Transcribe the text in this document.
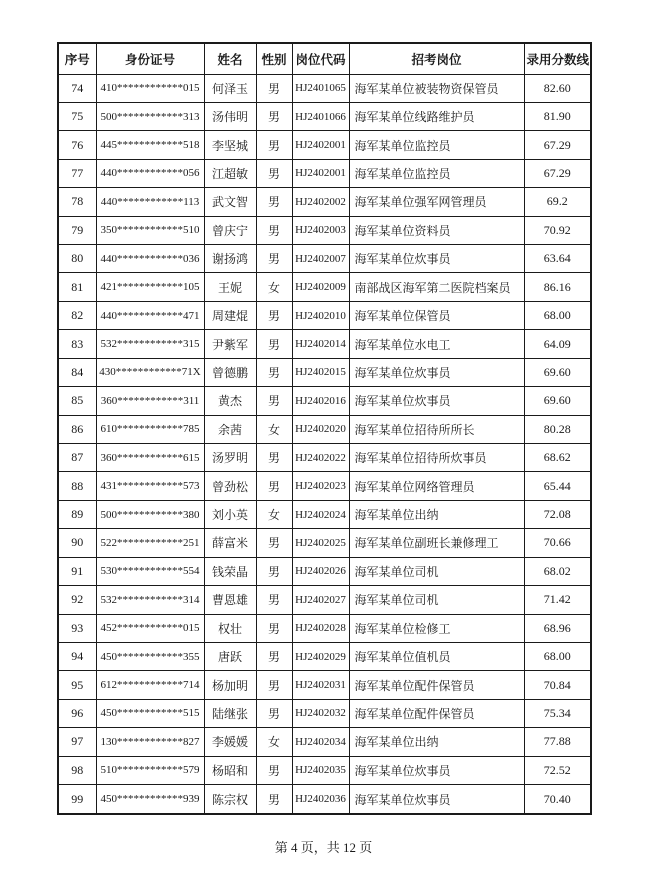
序号	身份证号	姓名	性别	岗位代码	招考岗位	录用分数线
74	410************015	何泽玉	男	HJ2401065	海军某单位被装物资保管员	82.60
75	500************313	汤伟明	男	HJ2401066	海军某单位线路维护员	81.90
76	445************518	李坚城	男	HJ2402001	海军某单位监控员	67.29
77	440************056	江超敏	男	HJ2402001	海军某单位监控员	67.29
78	440************113	武文智	男	HJ2402002	海军某单位强军网管理员	69.2
79	350************510	曾庆宁	男	HJ2402003	海军某单位资料员	70.92
80	440************036	谢扬鸿	男	HJ2402007	海军某单位炊事员	63.64
81	421************105	王妮	女	HJ2402009	南部战区海军第二医院档案员	86.16
82	440************471	周建焜	男	HJ2402010	海军某单位保管员	68.00
83	532************315	尹紫军	男	HJ2402014	海军某单位水电工	64.09
84	430************71X	曾德鹏	男	HJ2402015	海军某单位炊事员	69.60
85	360************311	黄杰	男	HJ2402016	海军某单位炊事员	69.60
86	610************785	余茜	女	HJ2402020	海军某单位招待所所长	80.28
87	360************615	汤罗明	男	HJ2402022	海军某单位招待所炊事员	68.62
88	431************573	曾劲松	男	HJ2402023	海军某单位网络管理员	65.44
89	500************380	刘小英	女	HJ2402024	海军某单位出纳	72.08
90	522************251	薛富米	男	HJ2402025	海军某单位副班长兼修理工	70.66
91	530************554	钱荣晶	男	HJ2402026	海军某单位司机	68.02
92	532************314	曹恩雄	男	HJ2402027	海军某单位司机	71.42
93	452************015	权壮	男	HJ2402028	海军某单位检修工	68.96
94	450************355	唐跃	男	HJ2402029	海军某单位值机员	68.00
95	612************714	杨加明	男	HJ2402031	海军某单位配件保管员	70.84
96	450************515	陆继张	男	HJ2402032	海军某单位配件保管员	75.34
97	130************827	李媛媛	女	HJ2402034	海军某单位出纳	77.88
98	510************579	杨昭和	男	HJ2402035	海军某单位炊事员	72.52
99	450************939	陈宗权	男	HJ2402036	海军某单位炊事员	70.40
第 4 页，共 12 页
